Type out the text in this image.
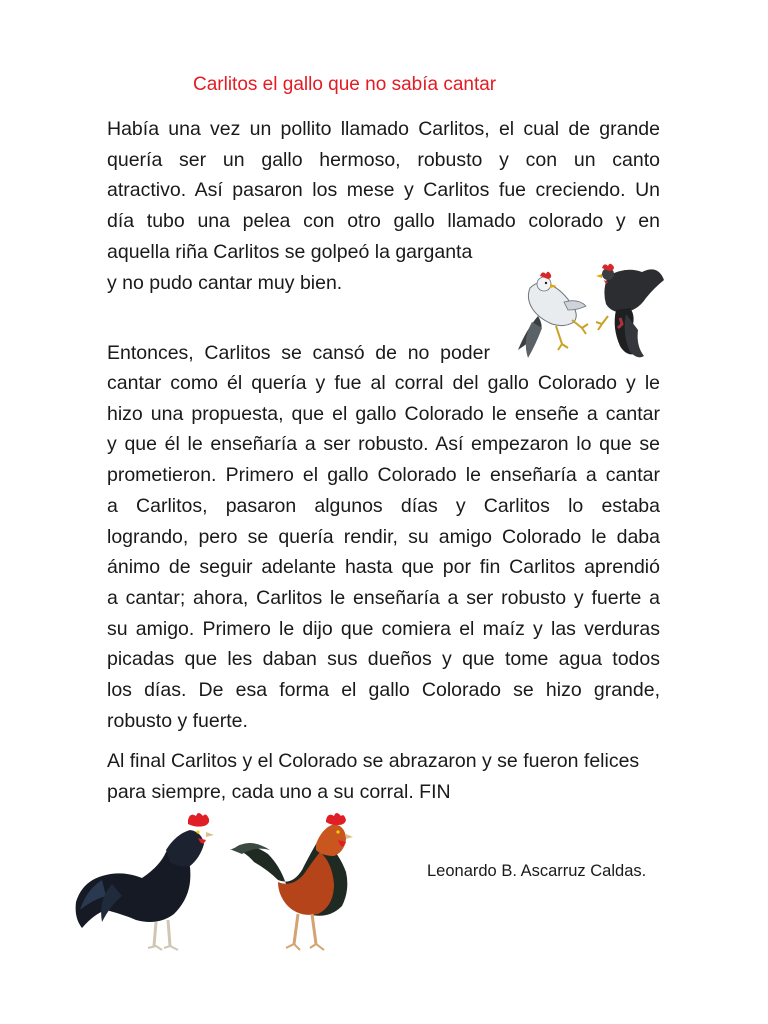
Carlitos el gallo que no sabía cantar
Había una vez un pollito llamado Carlitos, el cual de grande
quería ser un gallo hermoso, robusto y con un canto
atractivo. Así pasaron los mese y Carlitos fue creciendo. Un
día tubo una pelea con otro gallo llamado colorado y en
aquella riña Carlitos se golpeó la garganta
y no pudo cantar muy bien.
Entonces, Carlitos se cansó de no poder
cantar como él quería y fue al corral del gallo Colorado y le
hizo una propuesta, que el gallo Colorado le enseñe a cantar
y que él le enseñaría a ser robusto. Así empezaron lo que se
prometieron. Primero el gallo Colorado le enseñaría a cantar
a Carlitos, pasaron algunos días y Carlitos lo estaba
logrando, pero se quería rendir, su amigo Colorado le daba
ánimo de seguir adelante hasta que por fin Carlitos aprendió
a cantar; ahora, Carlitos le enseñaría a ser robusto y fuerte a
su amigo. Primero le dijo que comiera el maíz y las verduras
picadas que les daban sus dueños y que tome agua todos
los días. De esa forma el gallo Colorado se hizo grande,
robusto y fuerte.
Al final Carlitos y el Colorado se abrazaron y se fueron felices
para siempre, cada uno a su corral. FIN

Leonardo B. Ascarruz Caldas.
